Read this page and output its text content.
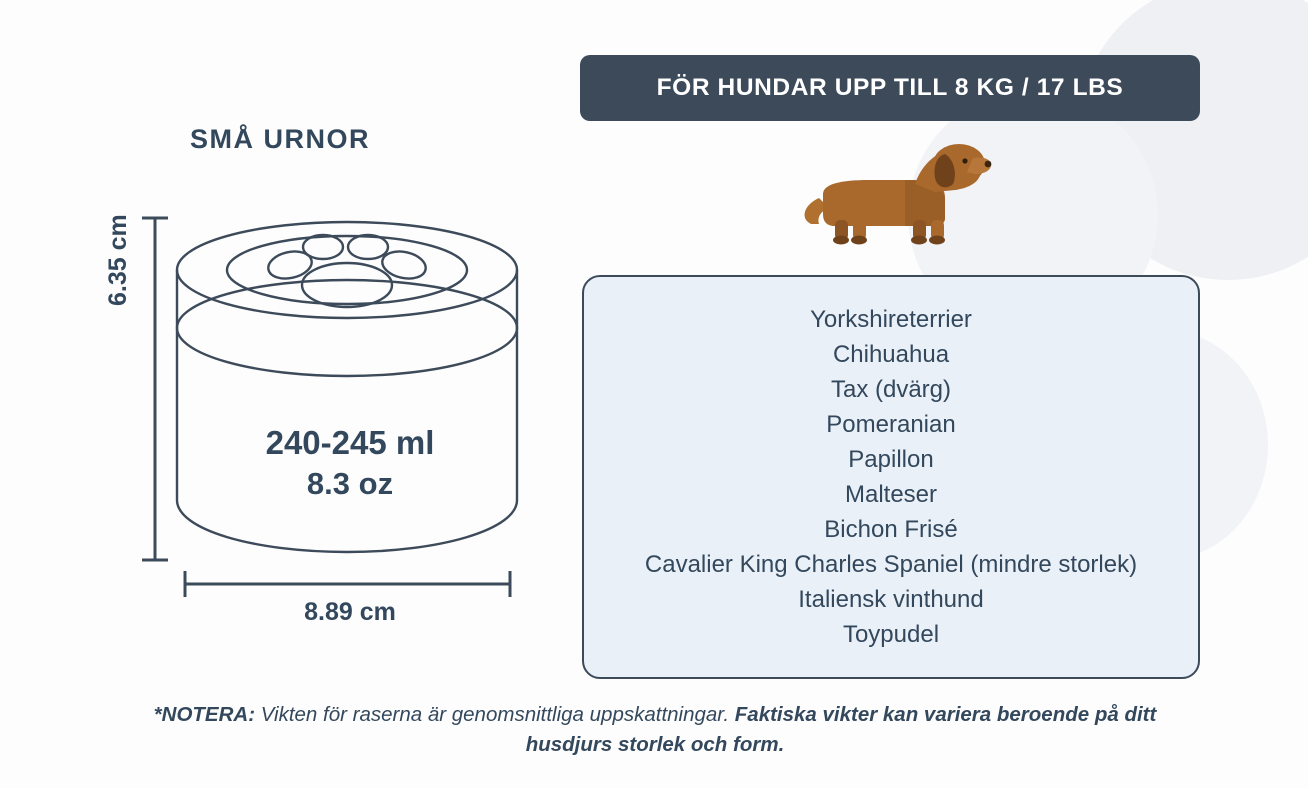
SMÅ URNOR
6.35 cm
8.89 cm
240-245 ml
8.3 oz
FÖR HUNDAR UPP TILL 8 KG / 17 LBS
Yorkshireterrier
Chihuahua
Tax (dvärg)
Pomeranian
Papillon
Malteser
Bichon Frisé
Cavalier King Charles Spaniel (mindre storlek)
Italiensk vinthund
Toypudel
*NOTERA: Vikten för raserna är genomsnittliga uppskattningar. Faktiska vikter kan variera beroende på ditt husdjurs storlek och form.
